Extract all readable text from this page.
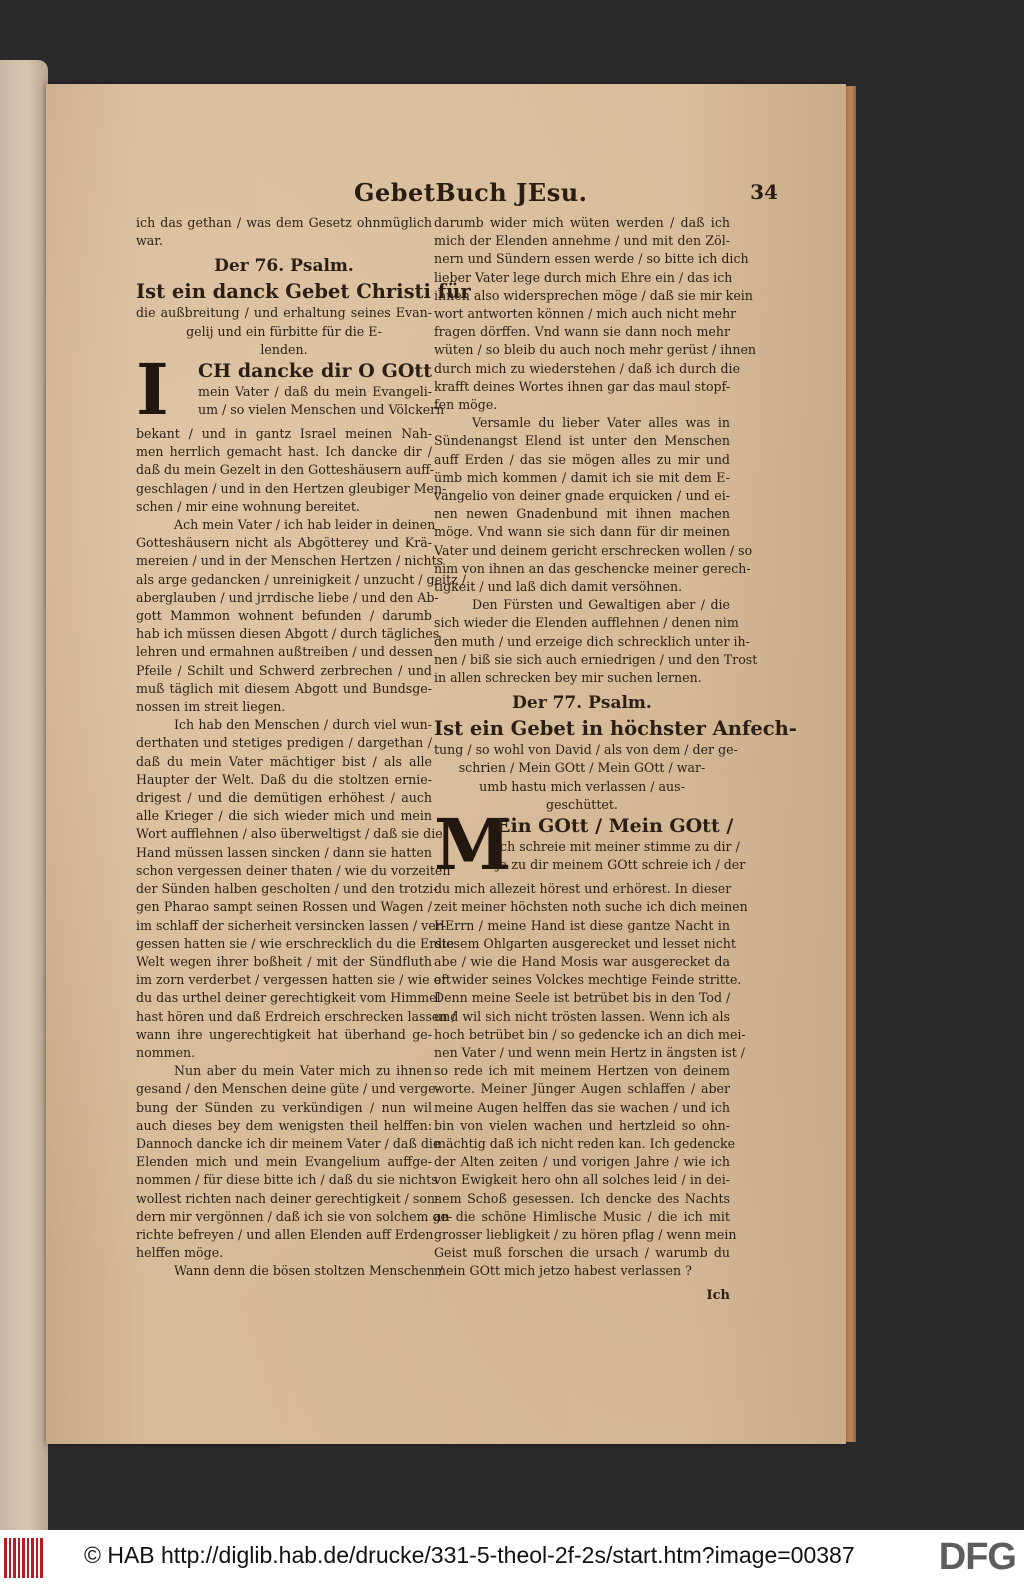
GebetBuch JEsu.	34
ich das gethan / was dem Gesetz ohnmüglich
war.
Der 76. Psalm.
Ist ein danck Gebet Christi für
die außbreitung / und erhaltung seines Evan-
gelij und ein fürbitte für die E-
lenden.
I	CH dancke dir O GOtt
mein Vater / daß du mein Evangeli-
um / so vielen Menschen und Völckern
bekant / und in gantz Israel meinen Nah-
men herrlich gemacht hast. Ich dancke dir /
daß du mein Gezelt in den Gotteshäusern auff-
geschlagen / und in den Hertzen gleubiger Men-
schen / mir eine wohnung bereitet.
Ach mein Vater / ich hab leider in deinen
Gotteshäusern nicht als Abgötterey und Krä-
mereien / und in der Menschen Hertzen / nichts
als arge gedancken / unreinigkeit / unzucht / geitz /
aberglauben / und jrrdische liebe / und den Ab-
gott Mammon wohnent befunden / darumb
hab ich müssen diesen Abgott / durch tägliches
lehren und ermahnen außtreiben / und dessen
Pfeile / Schilt und Schwerd zerbrechen / und
muß täglich mit diesem Abgott und Bundsge-
nossen im streit liegen.
Ich hab den Menschen / durch viel wun-
derthaten und stetiges predigen / dargethan /
daß du mein Vater mächtiger bist / als alle
Haupter der Welt. Daß du die stoltzen ernie-
drigest / und die demütigen erhöhest / auch
alle Krieger / die sich wieder mich und mein
Wort aufflehnen / also überweltigst / daß sie die
Hand müssen lassen sincken / dann sie hatten
schon vergessen deiner thaten / wie du vorzeiten
der Sünden halben gescholten / und den trotzi-
gen Pharao sampt seinen Rossen und Wagen /
im schlaff der sicherheit versincken lassen / ver-
gessen hatten sie / wie erschrecklich du die Erste
Welt wegen ihrer boßheit / mit der Sündfluth
im zorn verderbet / vergessen hatten sie / wie oft
du das urthel deiner gerechtigkeit vom Himmel
hast hören und daß Erdreich erschrecken lassen /
wann ihre ungerechtigkeit hat überhand ge-
nommen.
Nun aber du mein Vater mich zu ihnen
gesand / den Menschen deine güte / und verge-
bung der Sünden zu verkündigen / nun wil
auch dieses bey dem wenigsten theil helffen:
Dannoch dancke ich dir meinem Vater / daß die
Elenden mich und mein Evangelium auffge-
nommen / für diese bitte ich / daß du sie nichts
wollest richten nach deiner gerechtigkeit / son-
dern mir vergönnen / daß ich sie von solchem ge-
richte befreyen / und allen Elenden auff Erden
helffen möge.
Wann denn die bösen stoltzen Menschen /
darumb wider mich wüten werden / daß ich
mich der Elenden annehme / und mit den Zöl-
nern und Sündern essen werde / so bitte ich dich
lieber Vater lege durch mich Ehre ein / das ich
ihnen also widersprechen möge / daß sie mir kein
wort antworten können / mich auch nicht mehr
fragen dörffen. Vnd wann sie dann noch mehr
wüten / so bleib du auch noch mehr gerüst / ihnen
durch mich zu wiederstehen / daß ich durch die
krafft deines Wortes ihnen gar das maul stopf-
fen möge.
Versamle du lieber Vater alles was in
Sündenangst Elend ist unter den Menschen
auff Erden / das sie mögen alles zu mir und
ümb mich kommen / damit ich sie mit dem E-
vangelio von deiner gnade erquicken / und ei-
nen newen Gnadenbund mit ihnen machen
möge. Vnd wann sie sich dann für dir meinen
Vater und deinem gericht erschrecken wollen / so
nim von ihnen an das geschencke meiner gerech-
tigkeit / und laß dich damit versöhnen.
Den Fürsten und Gewaltigen aber / die
sich wieder die Elenden aufflehnen / denen nim
den muth / und erzeige dich schrecklich unter ih-
nen / biß sie sich auch erniedrigen / und den Trost
in allen schrecken bey mir suchen lernen.
Der 77. Psalm.
Ist ein Gebet in höchster Anfech-
tung / so wohl von David / als von dem / der ge-
schrien / Mein GOtt / Mein GOtt / war-
umb hastu mich verlassen / aus-
geschüttet.
M
Ein GOtt / Mein GOtt /
ich schreie mit meiner stimme zu dir /
ja zu dir meinem GOtt schreie ich / der
du mich allezeit hörest und erhörest. In dieser
zeit meiner höchsten noth suche ich dich meinen
HErrn / meine Hand ist diese gantze Nacht in
diesem Ohlgarten ausgerecket und lesset nicht
abe / wie die Hand Mosis war ausgerecket da
er wider seines Volckes mechtige Feinde stritte.
Denn meine Seele ist betrübet bis in den Tod /
und wil sich nicht trösten lassen. Wenn ich als
hoch betrübet bin / so gedencke ich an dich mei-
nen Vater / und wenn mein Hertz in ängsten ist /
so rede ich mit meinem Hertzen von deinem
worte. Meiner Jünger Augen schlaffen / aber
meine Augen helffen das sie wachen / und ich
bin von vielen wachen und hertzleid so ohn-
mächtig daß ich nicht reden kan. Ich gedencke
der Alten zeiten / und vorigen Jahre / wie ich
von Ewigkeit hero ohn all solches leid / in dei-
nem Schoß gesessen. Ich dencke des Nachts
an die schöne Himlische Music / die ich mit
grosser liebligkeit / zu hören pflag / wenn mein
Geist muß forschen die ursach / warumb du
mein GOtt mich jetzo habest verlassen ?
Ich
© HAB http://diglib.hab.de/drucke/331-5-theol-2f-2s/start.htm?image=00387 DFG
